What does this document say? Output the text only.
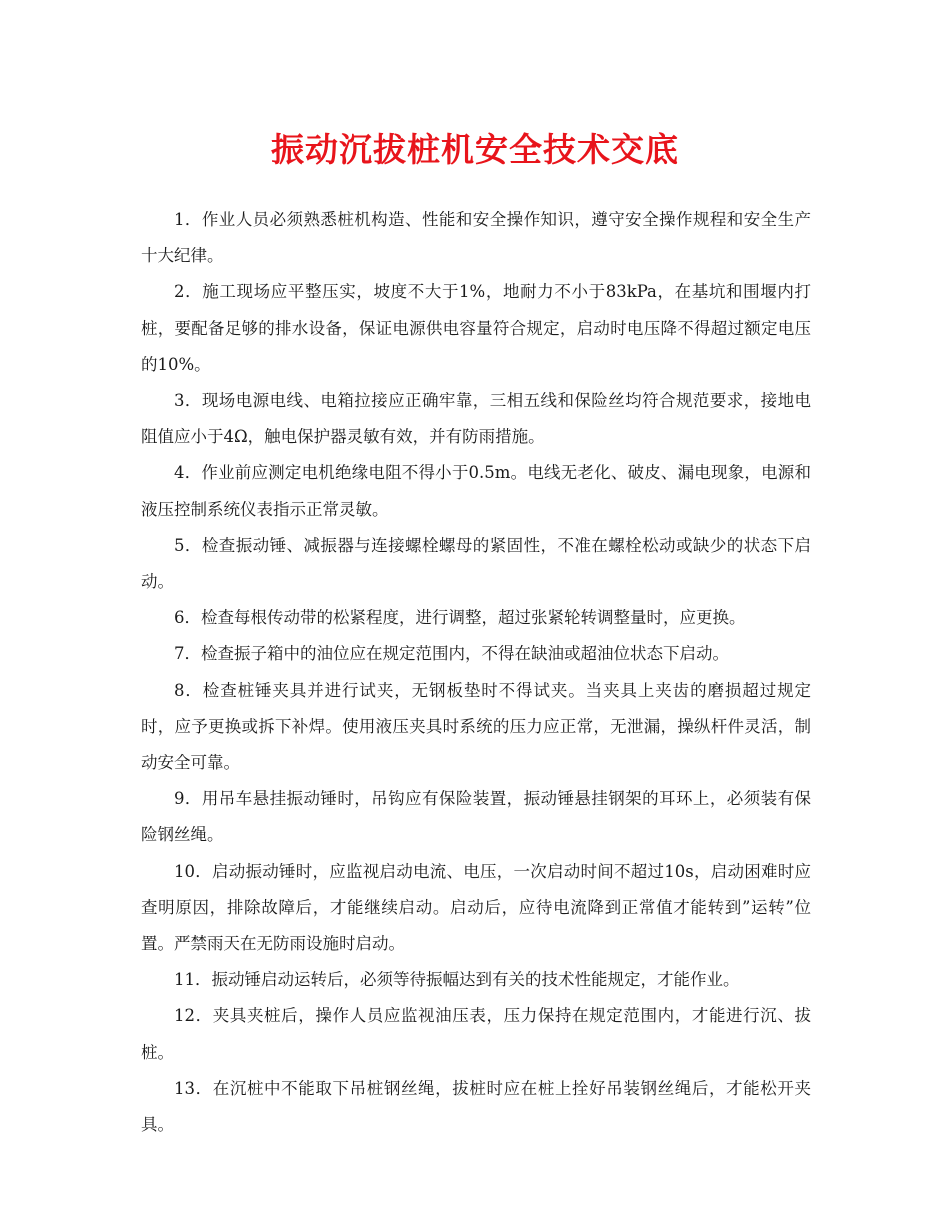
振动沉拔桩机安全技术交底

1．作业人员必须熟悉桩机构造、性能和安全操作知识，遵守安全操作规程和安全生产十大纪律。

2．施工现场应平整压实，坡度不大于1%，地耐力不小于83kPa，在基坑和围堰内打桩，要配备足够的排水设备，保证电源供电容量符合规定，启动时电压降不得超过额定电压的10%。

3．现场电源电线、电箱拉接应正确牢靠，三相五线和保险丝均符合规范要求，接地电阻值应小于4Ω，触电保护器灵敏有效，并有防雨措施。

4．作业前应测定电机绝缘电阻不得小于0.5m。电线无老化、破皮、漏电现象，电源和液压控制系统仪表指示正常灵敏。

5．检查振动锤、减振器与连接螺栓螺母的紧固性，不准在螺栓松动或缺少的状态下启动。

6．检查每根传动带的松紧程度，进行调整，超过张紧轮转调整量时，应更换。

7．检查振子箱中的油位应在规定范围内，不得在缺油或超油位状态下启动。

8．检查桩锤夹具并进行试夹，无钢板垫时不得试夹。当夹具上夹齿的磨损超过规定时，应予更换或拆下补焊。使用液压夹具时系统的压力应正常，无泄漏，操纵杆件灵活，制动安全可靠。

9．用吊车悬挂振动锤时，吊钩应有保险装置，振动锤悬挂钢架的耳环上，必须装有保险钢丝绳。

10．启动振动锤时，应监视启动电流、电压，一次启动时间不超过10s，启动困难时应查明原因，排除故障后，才能继续启动。启动后，应待电流降到正常值才能转到”运转”位置。严禁雨天在无防雨设施时启动。

11．振动锤启动运转后，必须等待振幅达到有关的技术性能规定，才能作业。

12．夹具夹桩后，操作人员应监视油压表，压力保持在规定范围内，才能进行沉、拔桩。

13．在沉桩中不能取下吊桩钢丝绳，拔桩时应在桩上拴好吊装钢丝绳后，才能松开夹具。
